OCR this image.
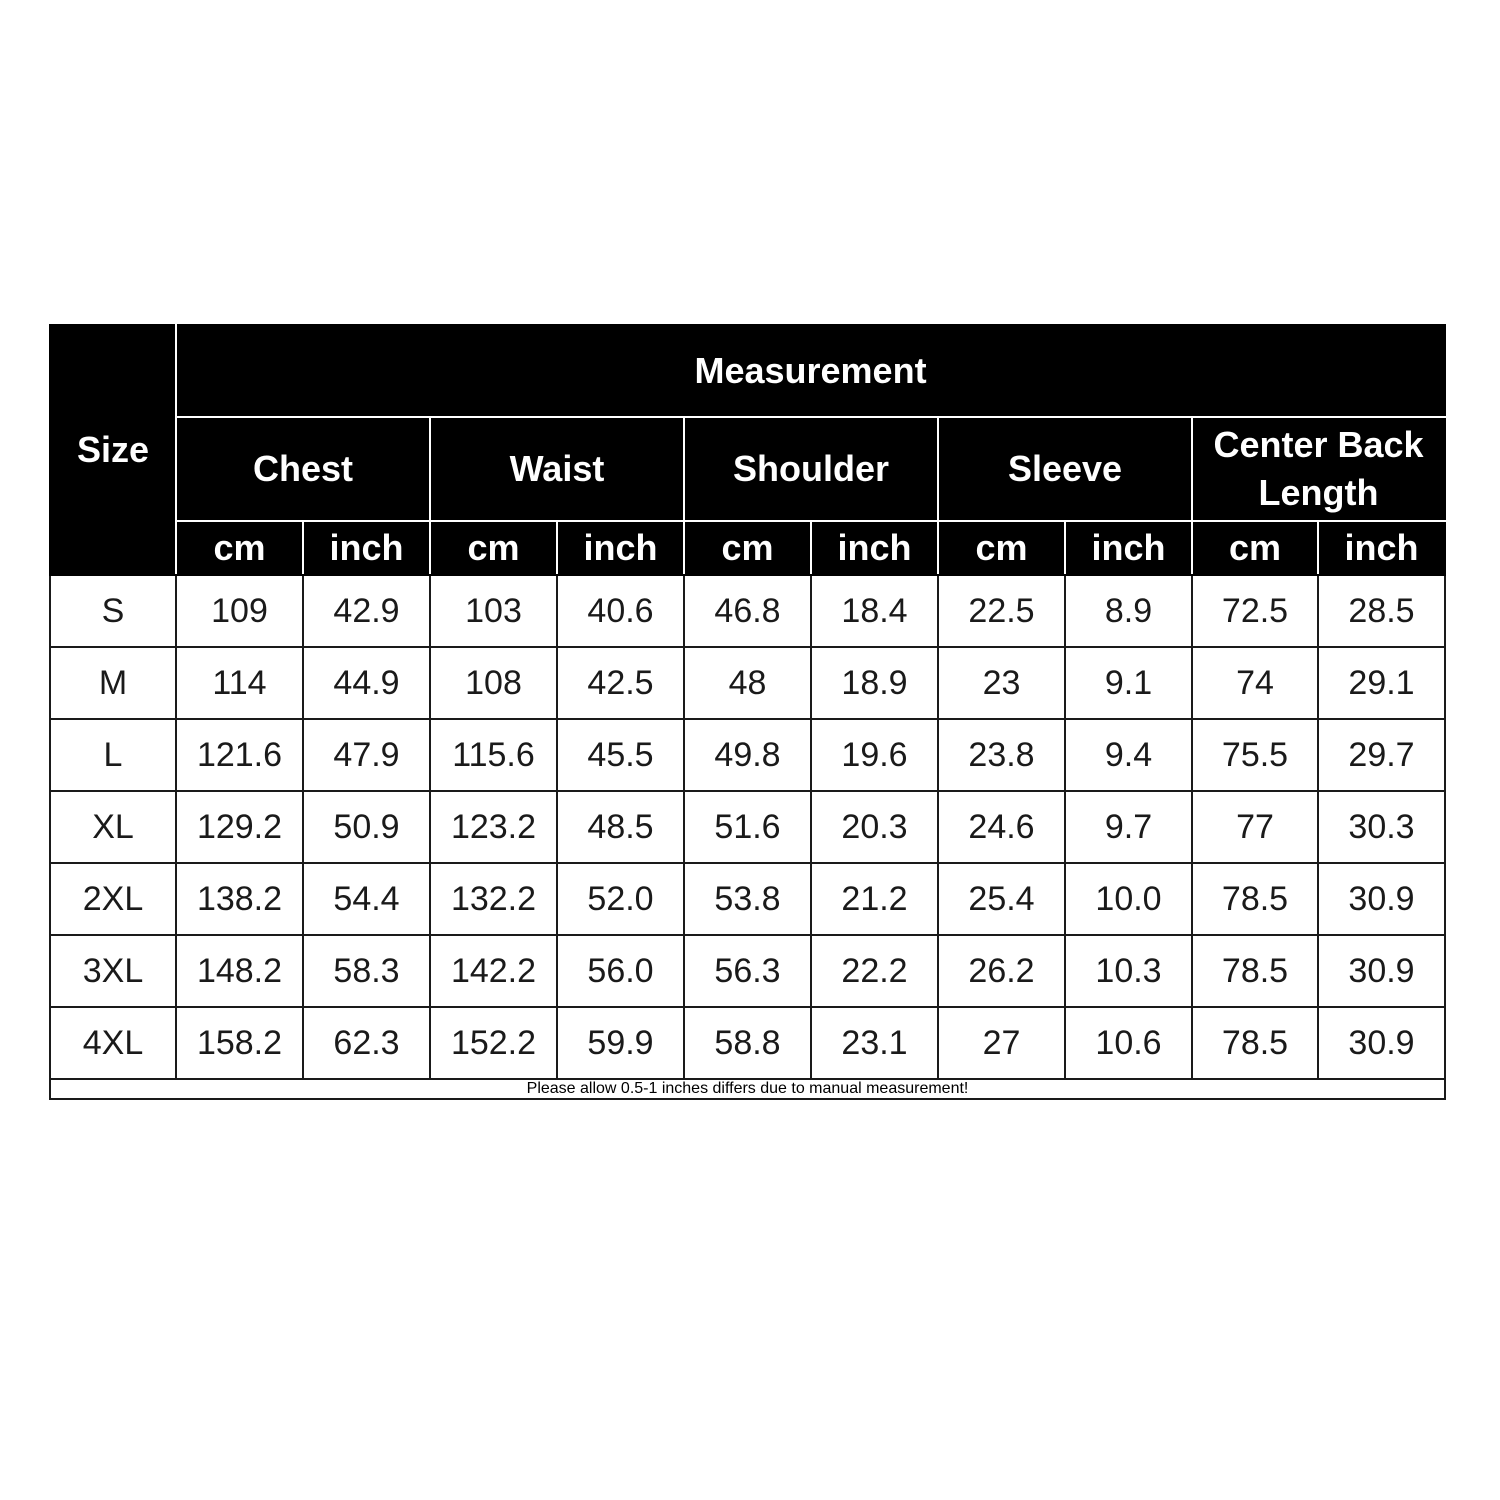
Size	Measurement									
	Chest		Waist		Shoulder		Sleeve		Center Back Length	
	cm	inch	cm	inch	cm	inch	cm	inch	cm	inch
S	109	42.9	103	40.6	46.8	18.4	22.5	8.9	72.5	28.5
M	114	44.9	108	42.5	48	18.9	23	9.1	74	29.1
L	121.6	47.9	115.6	45.5	49.8	19.6	23.8	9.4	75.5	29.7
XL	129.2	50.9	123.2	48.5	51.6	20.3	24.6	9.7	77	30.3
2XL	138.2	54.4	132.2	52.0	53.8	21.2	25.4	10.0	78.5	30.9
3XL	148.2	58.3	142.2	56.0	56.3	22.2	26.2	10.3	78.5	30.9
4XL	158.2	62.3	152.2	59.9	58.8	23.1	27	10.6	78.5	30.9
Please allow 0.5-1 inches differs due to manual measurement!										
